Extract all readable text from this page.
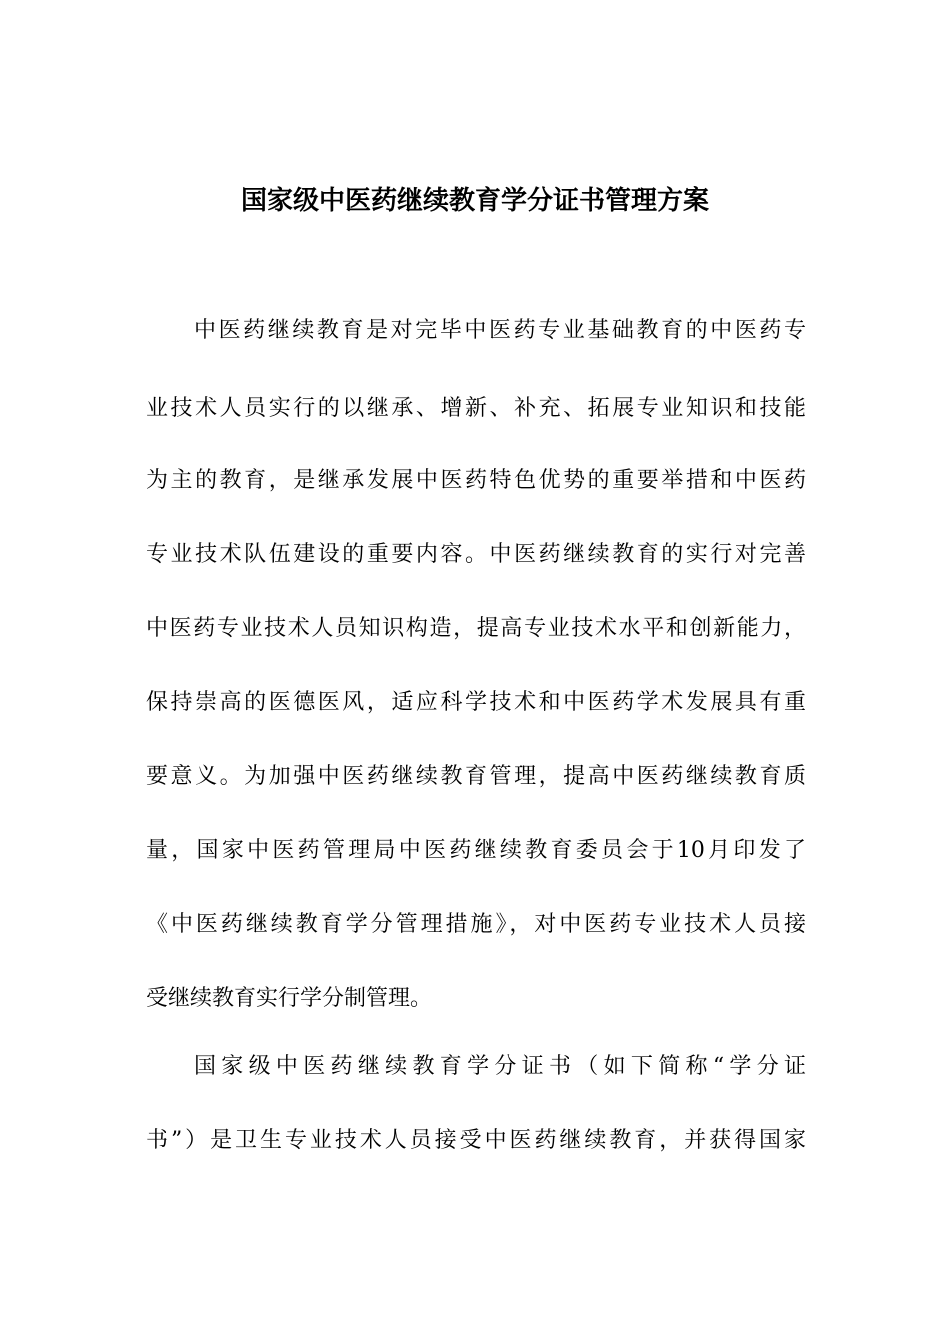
国家级中医药继续教育学分证书管理方案

中医药继续教育是对完毕中医药专业基础教育的中医药专

业技术人员实行的以继承、增新、补充、拓展专业知识和技能

为主的教育，是继承发展中医药特色优势的重要举措和中医药

专业技术队伍建设的重要内容。中医药继续教育的实行对完善

中医药专业技术人员知识构造，提高专业技术水平和创新能力，

保持崇高的医德医风，适应科学技术和中医药学术发展具有重

要意义。为加强中医药继续教育管理，提高中医药继续教育质

量，国家中医药管理局中医药继续教育委员会于10月印发了

《中医药继续教育学分管理措施》，对中医药专业技术人员接

受继续教育实行学分制管理。

国家级中医药继续教育学分证书（如下简称“学分证

书”）是卫生专业技术人员接受中医药继续教育，并获得国家
